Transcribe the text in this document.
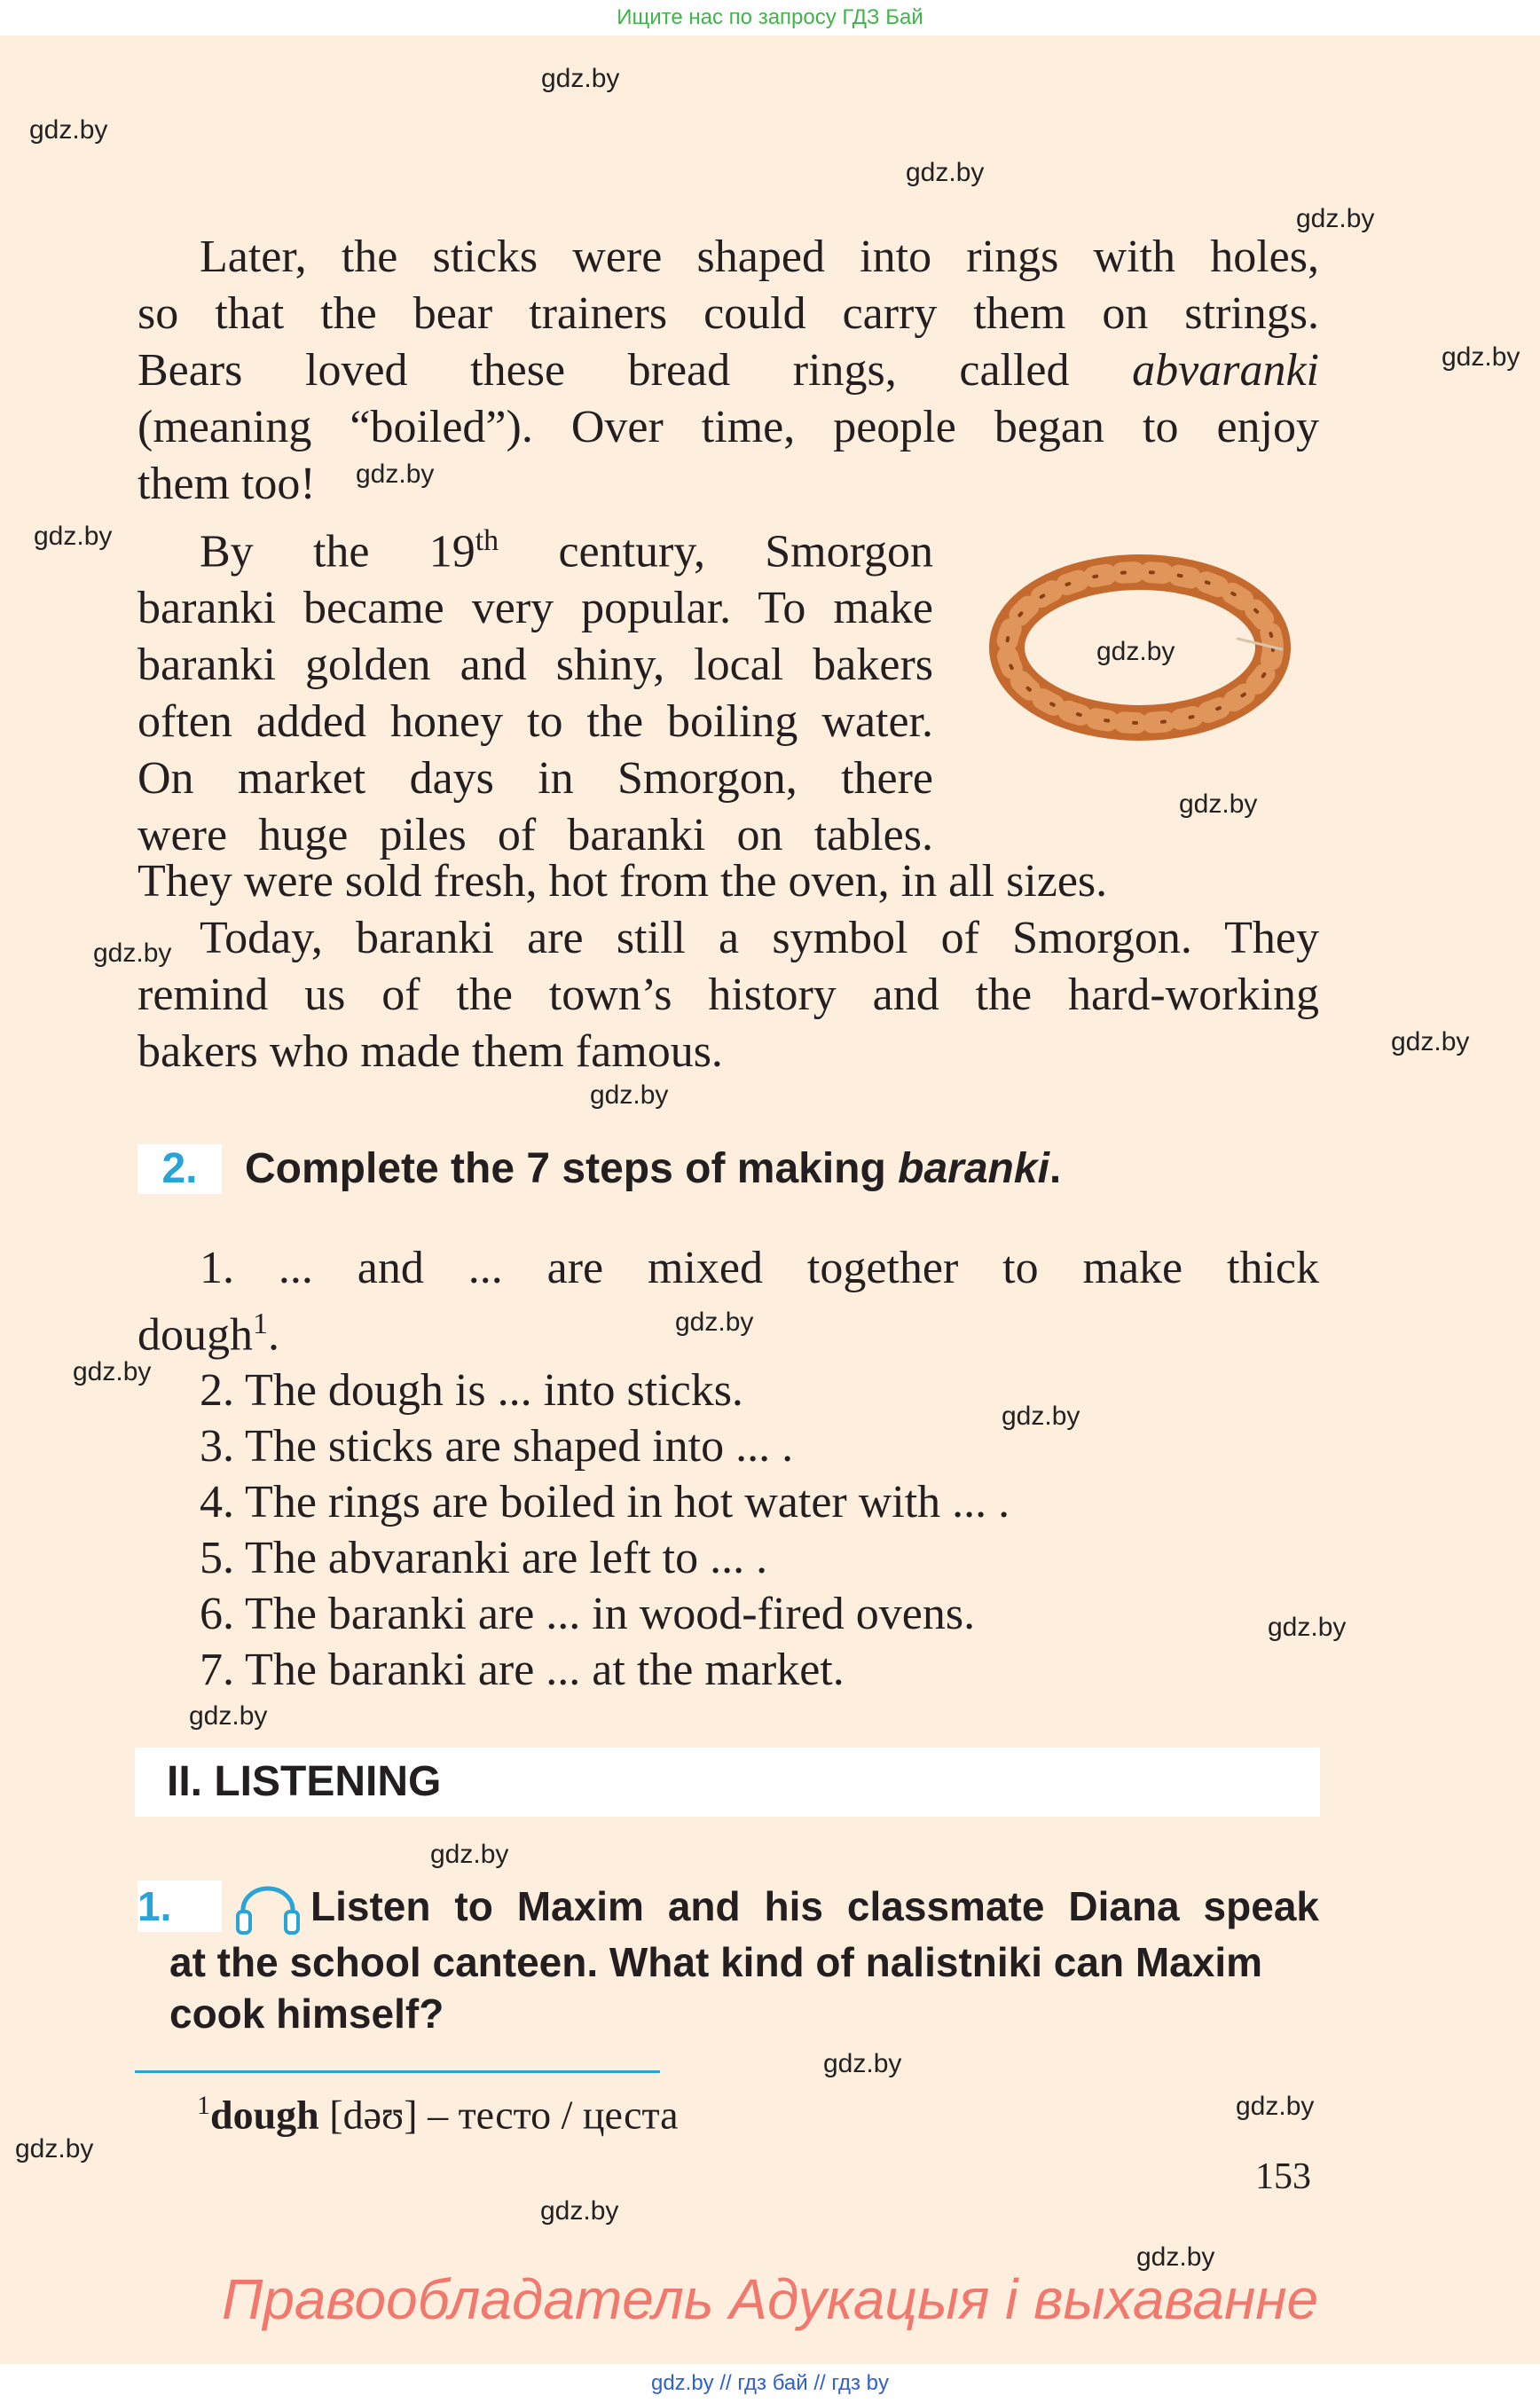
Ищите нас по запросу ГДЗ Бай
gdz.by
gdz.by
gdz.by
gdz.by
gdz.by
gdz.by
gdz.by
gdz.by
gdz.by
gdz.by
gdz.by
gdz.by
gdz.by
gdz.by
gdz.by
gdz.by
gdz.by
gdz.by
gdz.by
gdz.by
gdz.by
gdz.by
gdz.by
Later, the sticks were shaped into rings with holes,
so that the bear trainers could carry them on strings.
Bears loved these bread rings, called abvaranki
(meaning “boiled”). Over time, people began to enjoy
them too!
By the 19th century, Smorgon
baranki became very popular. To make
baranki golden and shiny, local bakers
often added honey to the boiling water.
On market days in Smorgon, there
were huge piles of baranki on tables.
They were sold fresh, hot from the oven, in all sizes.
Today, baranki are still a symbol of Smorgon. They
remind us of the town’s history and the hard-working
bakers who made them famous.
2. Complete the 7 steps of making baranki.
1. ... and ... are mixed together to make thick
dough$^1$.
2. The dough is ... into sticks.
3. The sticks are shaped into ... .
4. The rings are boiled in hot water with ... .
5. The abvaranki are left to ... .
6. The baranki are ... in wood-fired ovens.
7. The baranki are ... at the market.
II. LISTENING
1.	Listen to Maxim and his classmate Diana speak
at the school canteen. What kind of nalistniki can Maxim
cook himself?
$^1$dough [dəʊ] – тесто / цеста
153
Правообладатель Адукацыя і выхаванне
gdz.by // гдз бай // гдз by
